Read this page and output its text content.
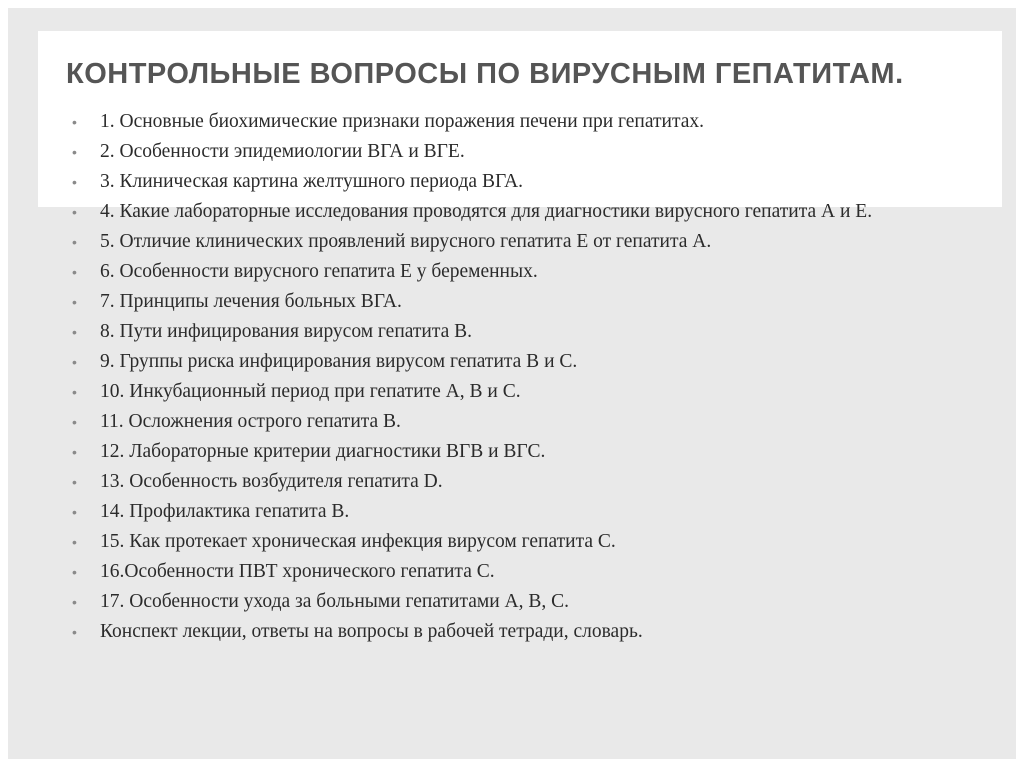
КОНТРОЛЬНЫЕ ВОПРОСЫ ПО ВИРУСНЫМ ГЕПАТИТАМ.
• 1. Основные биохимические признаки поражения печени при гепатитах.
• 2. Особенности эпидемиологии ВГА и ВГЕ.
• 3. Клиническая картина желтушного периода ВГА.
• 4. Какие лабораторные исследования проводятся для диагностики вирусного гепатита А и Е.
• 5. Отличие клинических проявлений вирусного гепатита Е от гепатита А.
• 6. Особенности вирусного гепатита Е у беременных.
• 7. Принципы лечения больных ВГА.
• 8. Пути инфицирования вирусом гепатита В.
• 9. Группы риска инфицирования вирусом гепатита В и С.
• 10. Инкубационный период при гепатите А, В и С.
• 11. Осложнения острого гепатита В.
• 12. Лабораторные критерии диагностики ВГВ и ВГС.
• 13. Особенность возбудителя гепатита D.
• 14. Профилактика гепатита В.
• 15. Как протекает хроническая инфекция вирусом гепатита С.
• 16.Особенности ПВТ хронического гепатита С.
• 17. Особенности ухода за больными гепатитами А, В, С.
• Конспект лекции, ответы на вопросы в рабочей тетради, словарь.
